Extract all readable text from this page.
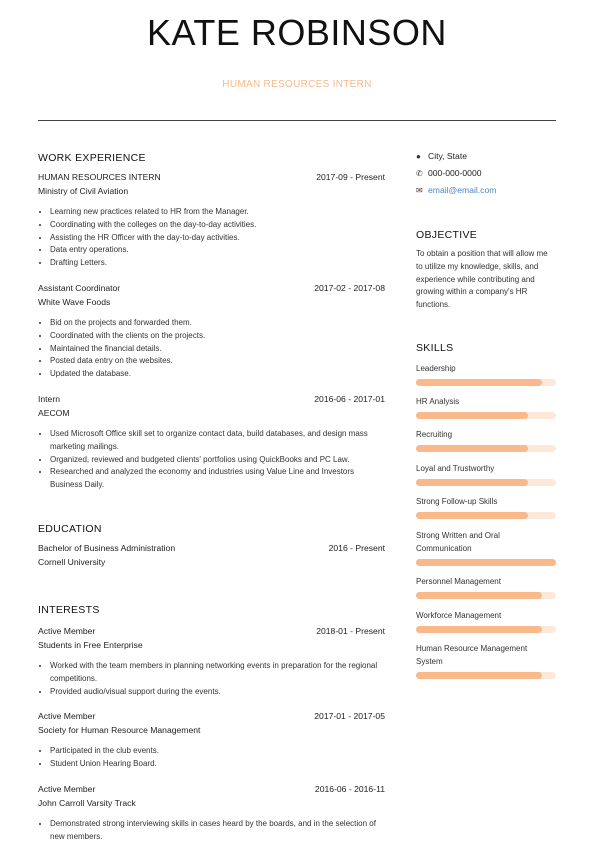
KATE ROBINSON
HUMAN RESOURCES INTERN
WORK EXPERIENCE
HUMAN RESOURCES INTERN	2017-09 - Present
Ministry of Civil Aviation
• Learning new practices related to HR from the Manager.
• Coordinating with the colleges on the day-to-day activities.
• Assisting the HR Officer with the day-to-day activities.
• Data entry operations.
• Drafting Letters.
Assistant Coordinator	2017-02 - 2017-08
White Wave Foods
• Bid on the projects and forwarded them.
• Coordinated with the clients on the projects.
• Maintained the financial details.
• Posted data entry on the websites.
• Updated the database.
Intern	2016-06 - 2017-01
AECOM
• Used Microsoft Office skill set to organize contact data, build databases, and design mass marketing mailings.
• Organized, reviewed and budgeted clients' portfolios using QuickBooks and PC Law.
• Researched and analyzed the economy and industries using Value Line and Investors Business Daily.
EDUCATION
Bachelor of Business Administration	2016 - Present
Cornell University
INTERESTS
Active Member	2018-01 - Present
Students in Free Enterprise
• Worked with the team members in planning networking events in preparation for the regional competitions.
• Provided audio/visual support during the events.
Active Member	2017-01 - 2017-05
Society for Human Resource Management
• Participated in the club events.
• Student Union Hearing Board.
Active Member	2016-06 - 2016-11
John Carroll Varsity Track
• Demonstrated strong interviewing skills in cases heard by the boards, and in the selection of new members.
● City, State
✆ 000-000-0000
✉ email@email.com
OBJECTIVE
To obtain a position that will allow me to utilize my knowledge, skills, and experience while contributing and growing within a company's HR functions.
SKILLS
Leadership
HR Analysis
Recruiting
Loyal and Trustworthy
Strong Follow-up Skills
Strong Written and Oral Communication
Personnel Management
Workforce Management
Human Resource Management System
